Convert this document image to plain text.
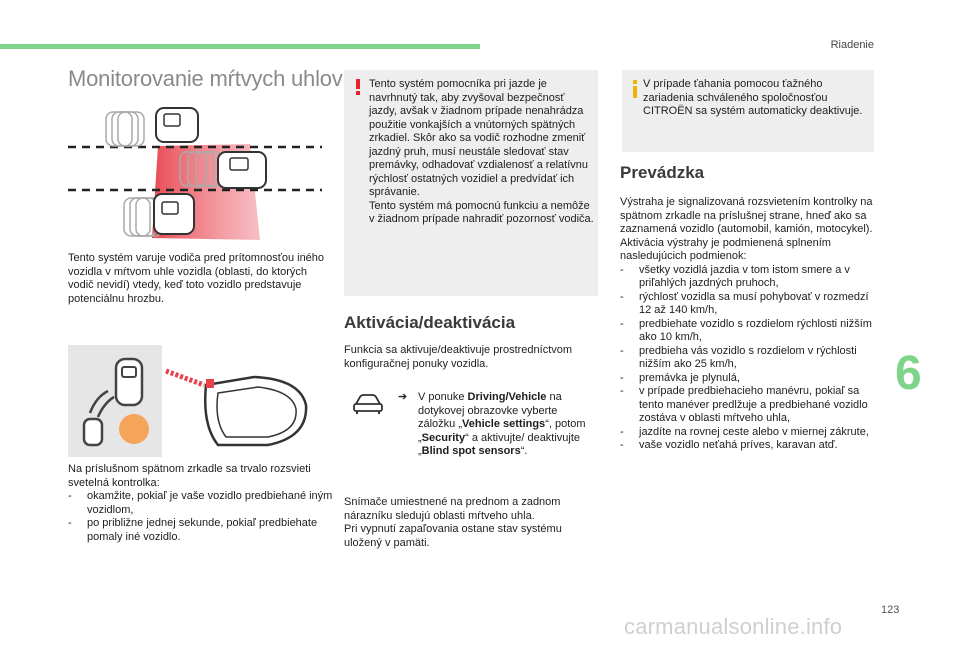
Riadenie
Monitorovanie mŕtvych uhlov

Tento systém varuje vodiča pred prítomnosťou iného vozidla v mŕtvom uhle vozidla (oblasti, do ktorých vodič nevidí) vtedy, keď toto vozidlo predstavuje potenciálnu hrozbu.

Na príslušnom spätnom zrkadle sa trvalo rozsvieti svetelná kontrolka:

- okamžite, pokiaľ je vaše vozidlo predbiehané iným vozidlom,
- po približne jednej sekunde, pokiaľ predbiehate pomaly iné vozidlo.

Tento systém pomocníka pri jazde je navrhnutý tak, aby zvyšoval bezpečnosť jazdy, avšak v žiadnom prípade nenahrádza použitie vonkajších a vnútorných spätných zrkadiel. Skôr ako sa vodič rozhodne zmeniť jazdný pruh, musí neustále sledovať stav premávky, odhadovať vzdialenosť a relatívnu rýchlosť ostatných vozidiel a predvídať ich správanie.

Tento systém má pomocnú funkciu a nemôže v žiadnom prípade nahradiť pozornosť vodiča.

Aktivácia/deaktivácia

Funkcia sa aktivuje/deaktivuje prostredníctvom konfiguračnej ponuky vozidla.

➔ V ponuke Driving/Vehicle na dotykovej obrazovke vyberte záložku „Vehicle settings“, potom „Security“ a aktivujte/ deaktivujte „Blind spot sensors“.

Snímače umiestnené na prednom a zadnom nárazníku sledujú oblasti mŕtveho uhla.

Pri vypnutí zapaľovania ostane stav systému uložený v pamäti.

V prípade ťahania pomocou ťažného zariadenia schváleného spoločnosťou CITROËN sa systém automaticky deaktivuje.

Prevádzka

Výstraha je signalizovaná rozsvietením kontrolky na spätnom zrkadle na príslušnej strane, hneď ako sa zaznamená vozidlo (automobil, kamión, motocykel).

Aktivácia výstrahy je podmienená splnením nasledujúcich podmienok:

- všetky vozidlá jazdia v tom istom smere a v priľahlých jazdných pruhoch,
- rýchlosť vozidla sa musí pohybovať v rozmedzí 12 až 140 km/h,
- predbiehate vozidlo s rozdielom rýchlosti nižším ako 10 km/h,
- predbieha vás vozidlo s rozdielom v rýchlosti nižším ako 25 km/h,
- premávka je plynulá,
- v prípade predbiehacieho manévru, pokiaľ sa tento manéver predlžuje a predbiehané vozidlo zostáva v oblasti mŕtveho uhla,
- jazdíte na rovnej ceste alebo v miernej zákrute,
- vaše vozidlo neťahá príves, karavan atď.
6
123
carmanualsonline.info
